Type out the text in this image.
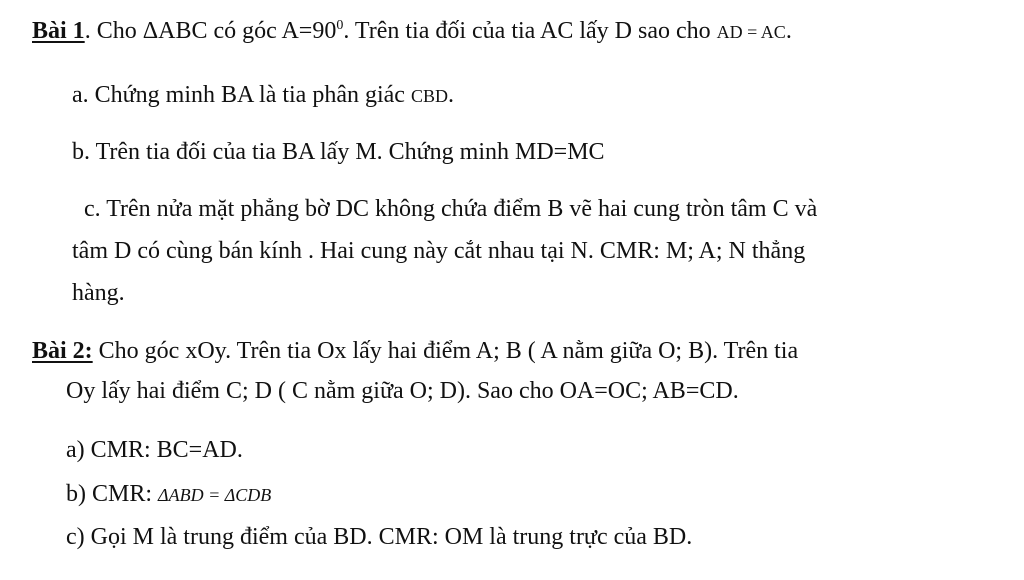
Bài 1. Cho ΔABC có góc $A=90^0$. Trên tia đối của tia AC lấy D sao cho AD = AC.
a. Chứng minh BA là tia phân giác CBD.
b. Trên tia đối của tia BA lấy M. Chứng minh MD=MC
c. Trên nửa mặt phẳng bờ DC không chứa điểm B vẽ hai cung tròn tâm C và
tâm D có cùng bán kính . Hai cung này cắt nhau tại N. CMR: M; A; N thẳng
hàng.
Bài 2: Cho góc xOy. Trên tia Ox lấy hai điểm A; B ( A nằm giữa O; B). Trên tia
Oy lấy hai điểm C; D ( C nằm giữa O; D). Sao cho OA=OC; AB=CD.
a) CMR: BC=AD.
b) CMR: ΔABD = ΔCDB
c) Gọi M là trung điểm của BD. CMR: OM là trung trực của BD.
